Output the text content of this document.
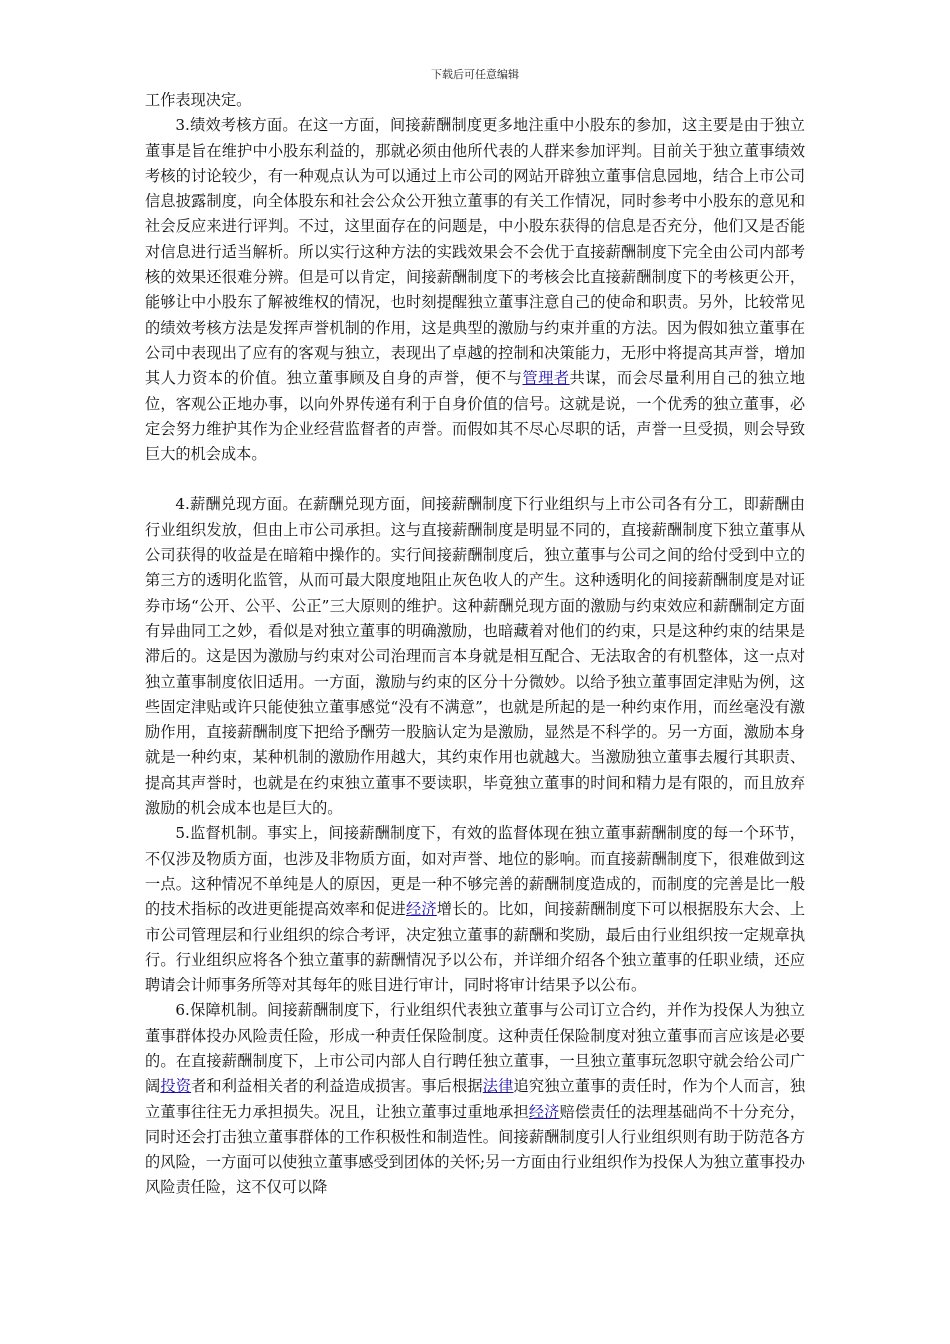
下载后可任意编辑

工作表现决定。

3.绩效考核方面。在这一方面，间接薪酬制度更多地注重中小股东的参加，这主要是由于独立董事是旨在维护中小股东利益的，那就必须由他所代表的人群来参加评判。目前关于独立董事绩效考核的讨论较少，有一种观点认为可以通过上市公司的网站开辟独立董事信息园地，结合上市公司信息披露制度，向全体股东和社会公众公开独立董事的有关工作情况，同时参考中小股东的意见和社会反应来进行评判。不过，这里面存在的问题是，中小股东获得的信息是否充分，他们又是否能对信息进行适当解析。所以实行这种方法的实践效果会不会优于直接薪酬制度下完全由公司内部考核的效果还很难分辨。但是可以肯定，间接薪酬制度下的考核会比直接薪酬制度下的考核更公开，能够让中小股东了解被维权的情况，也时刻提醒独立董事注意自己的使命和职责。另外，比较常见的绩效考核方法是发挥声誉机制的作用，这是典型的激励与约束并重的方法。因为假如独立董事在公司中表现出了应有的客观与独立，表现出了卓越的控制和决策能力，无形中将提高其声誉，增加其人力资本的价值。独立董事顾及自身的声誉，便不与管理者共谋，而会尽量利用自己的独立地位，客观公正地办事，以向外界传递有利于自身价值的信号。这就是说，一个优秀的独立董事，必定会努力维护其作为企业经营监督者的声誉。而假如其不尽心尽职的话，声誉一旦受损，则会导致巨大的机会成本。

4.薪酬兑现方面。在薪酬兑现方面，间接薪酬制度下行业组织与上市公司各有分工，即薪酬由行业组织发放，但由上市公司承担。这与直接薪酬制度是明显不同的，直接薪酬制度下独立董事从公司获得的收益是在暗箱中操作的。实行间接薪酬制度后，独立董事与公司之间的给付受到中立的第三方的透明化监管，从而可最大限度地阻止灰色收人的产生。这种透明化的间接薪酬制度是对证券市场“公开、公平、公正”三大原则的维护。这种薪酬兑现方面的激励与约束效应和薪酬制定方面有异曲同工之妙，看似是对独立董事的明确激励，也暗藏着对他们的约束，只是这种约束的结果是滞后的。这是因为激励与约束对公司治理而言本身就是相互配合、无法取舍的有机整体，这一点对独立董事制度依旧适用。一方面，激励与约束的区分十分微妙。以给予独立董事固定津贴为例，这些固定津贴或许只能使独立董事感觉“没有不满意”，也就是所起的是一种约束作用，而丝毫没有激励作用，直接薪酬制度下把给予酬劳一股脑认定为是激励，显然是不科学的。另一方面，激励本身就是一种约束，某种机制的激励作用越大，其约束作用也就越大。当激励独立董事去履行其职责、提高其声誉时，也就是在约束独立董事不要读职，毕竟独立董事的时间和精力是有限的，而且放弃激励的机会成本也是巨大的。

5.监督机制。事实上，间接薪酬制度下，有效的监督体现在独立董事薪酬制度的每一个环节，不仅涉及物质方面，也涉及非物质方面，如对声誉、地位的影响。而直接薪酬制度下，很难做到这一点。这种情况不单纯是人的原因，更是一种不够完善的薪酬制度造成的，而制度的完善是比一般的技术指标的改进更能提高效率和促进经济增长的。比如，间接薪酬制度下可以根据股东大会、上市公司管理层和行业组织的综合考评，决定独立董事的薪酬和奖励，最后由行业组织按一定规章执行。行业组织应将各个独立董事的薪酬情况予以公布，并详细介绍各个独立董事的任职业绩，还应聘请会计师事务所等对其每年的账目进行审计，同时将审计结果予以公布。

6.保障机制。间接薪酬制度下，行业组织代表独立董事与公司订立合约，并作为投保人为独立董事群体投办风险责任险，形成一种责任保险制度。这种责任保险制度对独立董事而言应该是必要的。在直接薪酬制度下，上市公司内部人自行聘任独立董事，一旦独立董事玩忽职守就会给公司广阔投资者和利益相关者的利益造成损害。事后根据法律追究独立董事的责任时，作为个人而言，独立董事往往无力承担损失。况且，让独立董事过重地承担经济赔偿责任的法理基础尚不十分充分，同时还会打击独立董事群体的工作积极性和制造性。间接薪酬制度引人行业组织则有助于防范各方的风险，一方面可以使独立董事感受到团体的关怀;另一方面由行业组织作为投保人为独立董事投办风险责任险，这不仅可以降
